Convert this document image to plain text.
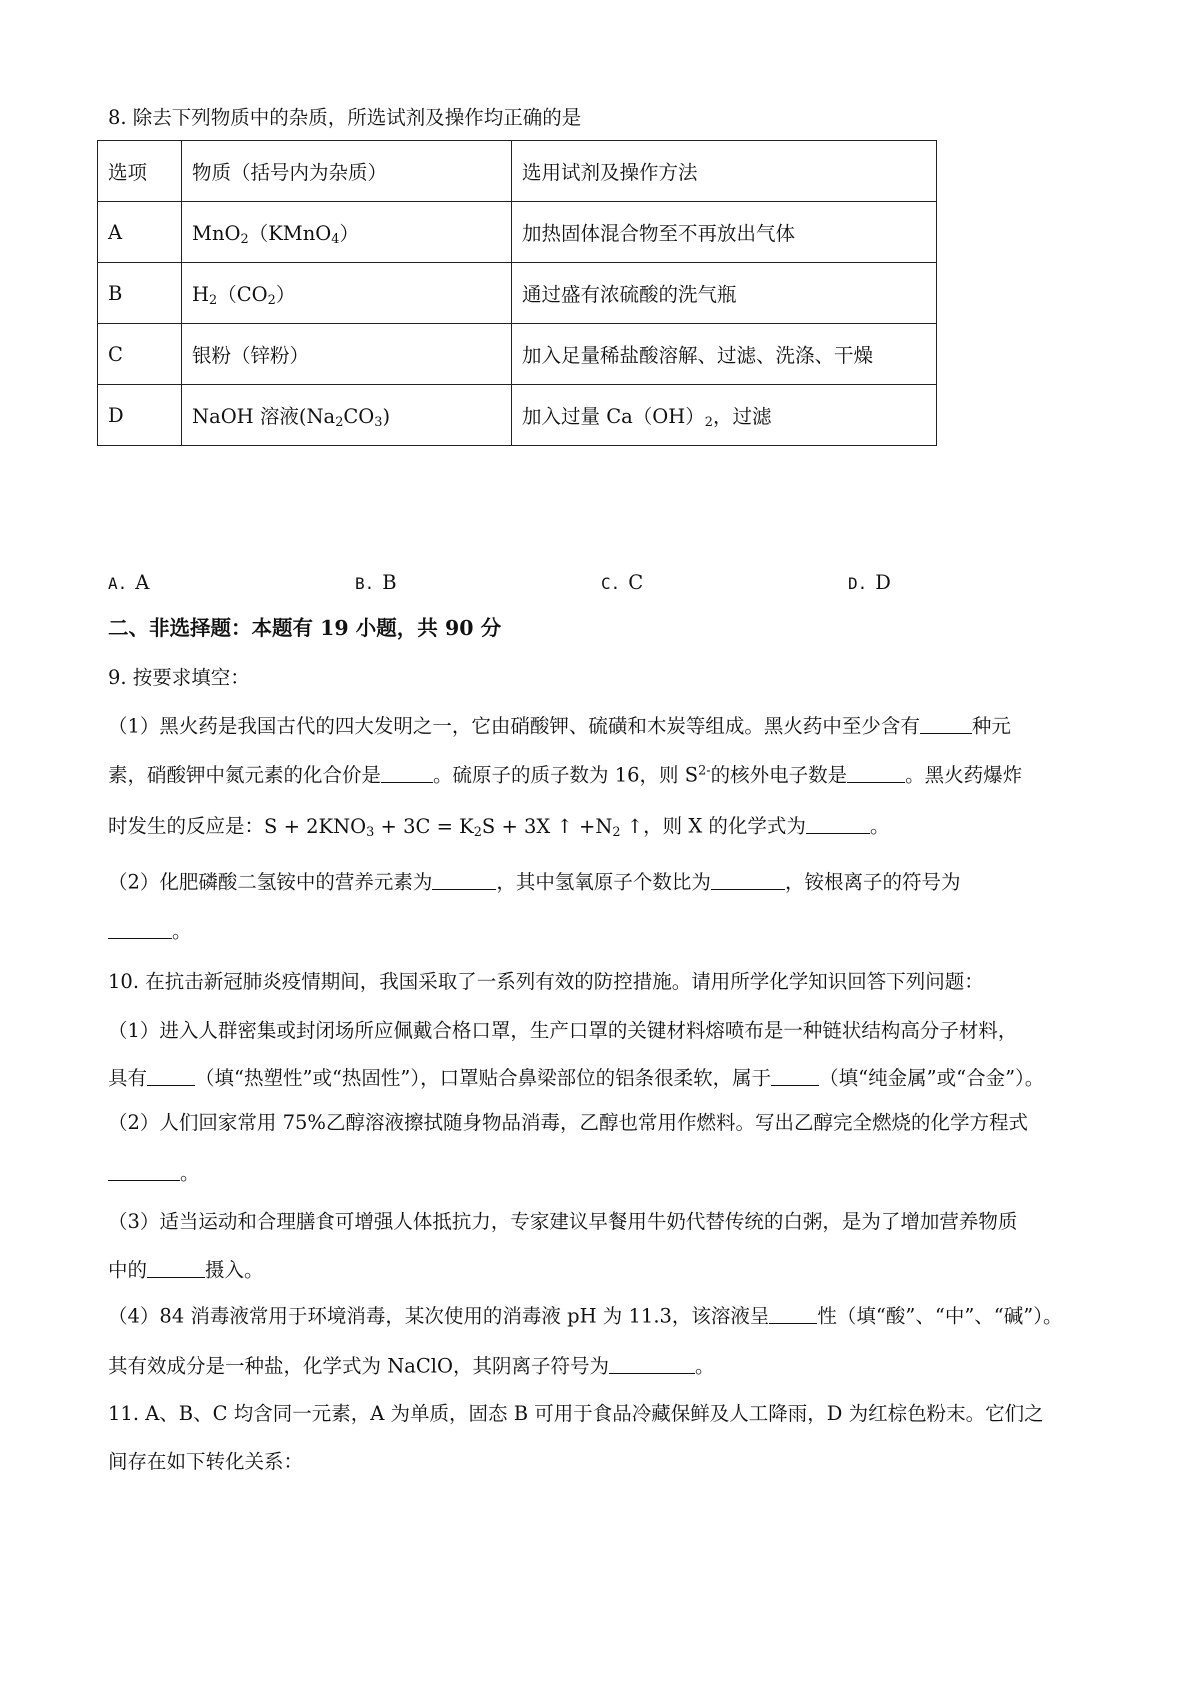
8. 除去下列物质中的杂质，所选试剂及操作均正确的是
选项	物质（括号内为杂质）	选用试剂及操作方法
A	MnO$_2$（KMnO$_4$）	加热固体混合物至不再放出气体
B	$H_2(CO_2)$	通过盛有浓硫酸的洗气瓶
C	银粉（锌粉）	加入足量稀盐酸溶解、过滤、洗涤、干燥
D	NaOH 溶液$(Na_2CO_3)$	加入过量 $Ca(OH)_2$，过滤
A. A	B. B	C. C	D. D
二、非选择题：本题有 19 小题，共 90 分
9. 按要求填空：
（1）黑火药是我国古代的四大发明之一，它由硝酸钾、硫磺和木炭等组成。黑火药中至少含有	种元
素，硝酸钾中氮元素的化合价是	。硫原子的质子数为 16，则 $S^{2-}$的核外电子数是	。黑火药爆炸
时发生的反应是：$S + 2KNO_3 + 3C = K_2S + 3X$ ↑ $+N_2$ ↑，则 X 的化学式为	。
（2）化肥磷酸二氢铵中的营养元素为	，其中氢氧原子个数比为	，铵根离子的符号为
。
10. 在抗击新冠肺炎疫情期间，我国采取了一系列有效的防控措施。请用所学化学知识回答下列问题：
（1）进入人群密集或封闭场所应佩戴合格口罩，生产口罩的关键材料熔喷布是一种链状结构高分子材料，
具有 （填“热塑性”或“热固性”），口罩贴合鼻梁部位的铝条很柔软，属于 （填“纯金属”或“合金”）。
（2）人们回家常用 75%乙醇溶液擦拭随身物品消毒，乙醇也常用作燃料。写出乙醇完全燃烧的化学方程式
。
（3）适当运动和合理膳食可增强人体抵抗力，专家建议早餐用牛奶代替传统的白粥，是为了增加营养物质
中的	摄入。
（4）84 消毒液常用于环境消毒，某次使用的消毒液 pH 为 11.3，该溶液呈 性（填“酸”、“中”、“碱”）。
其有效成分是一种盐，化学式为 NaClO，其阴离子符号为	。
11. A、B、C 均含同一元素，A 为单质，固态 B 可用于食品冷藏保鲜及人工降雨，D 为红棕色粉末。它们之
间存在如下转化关系：
